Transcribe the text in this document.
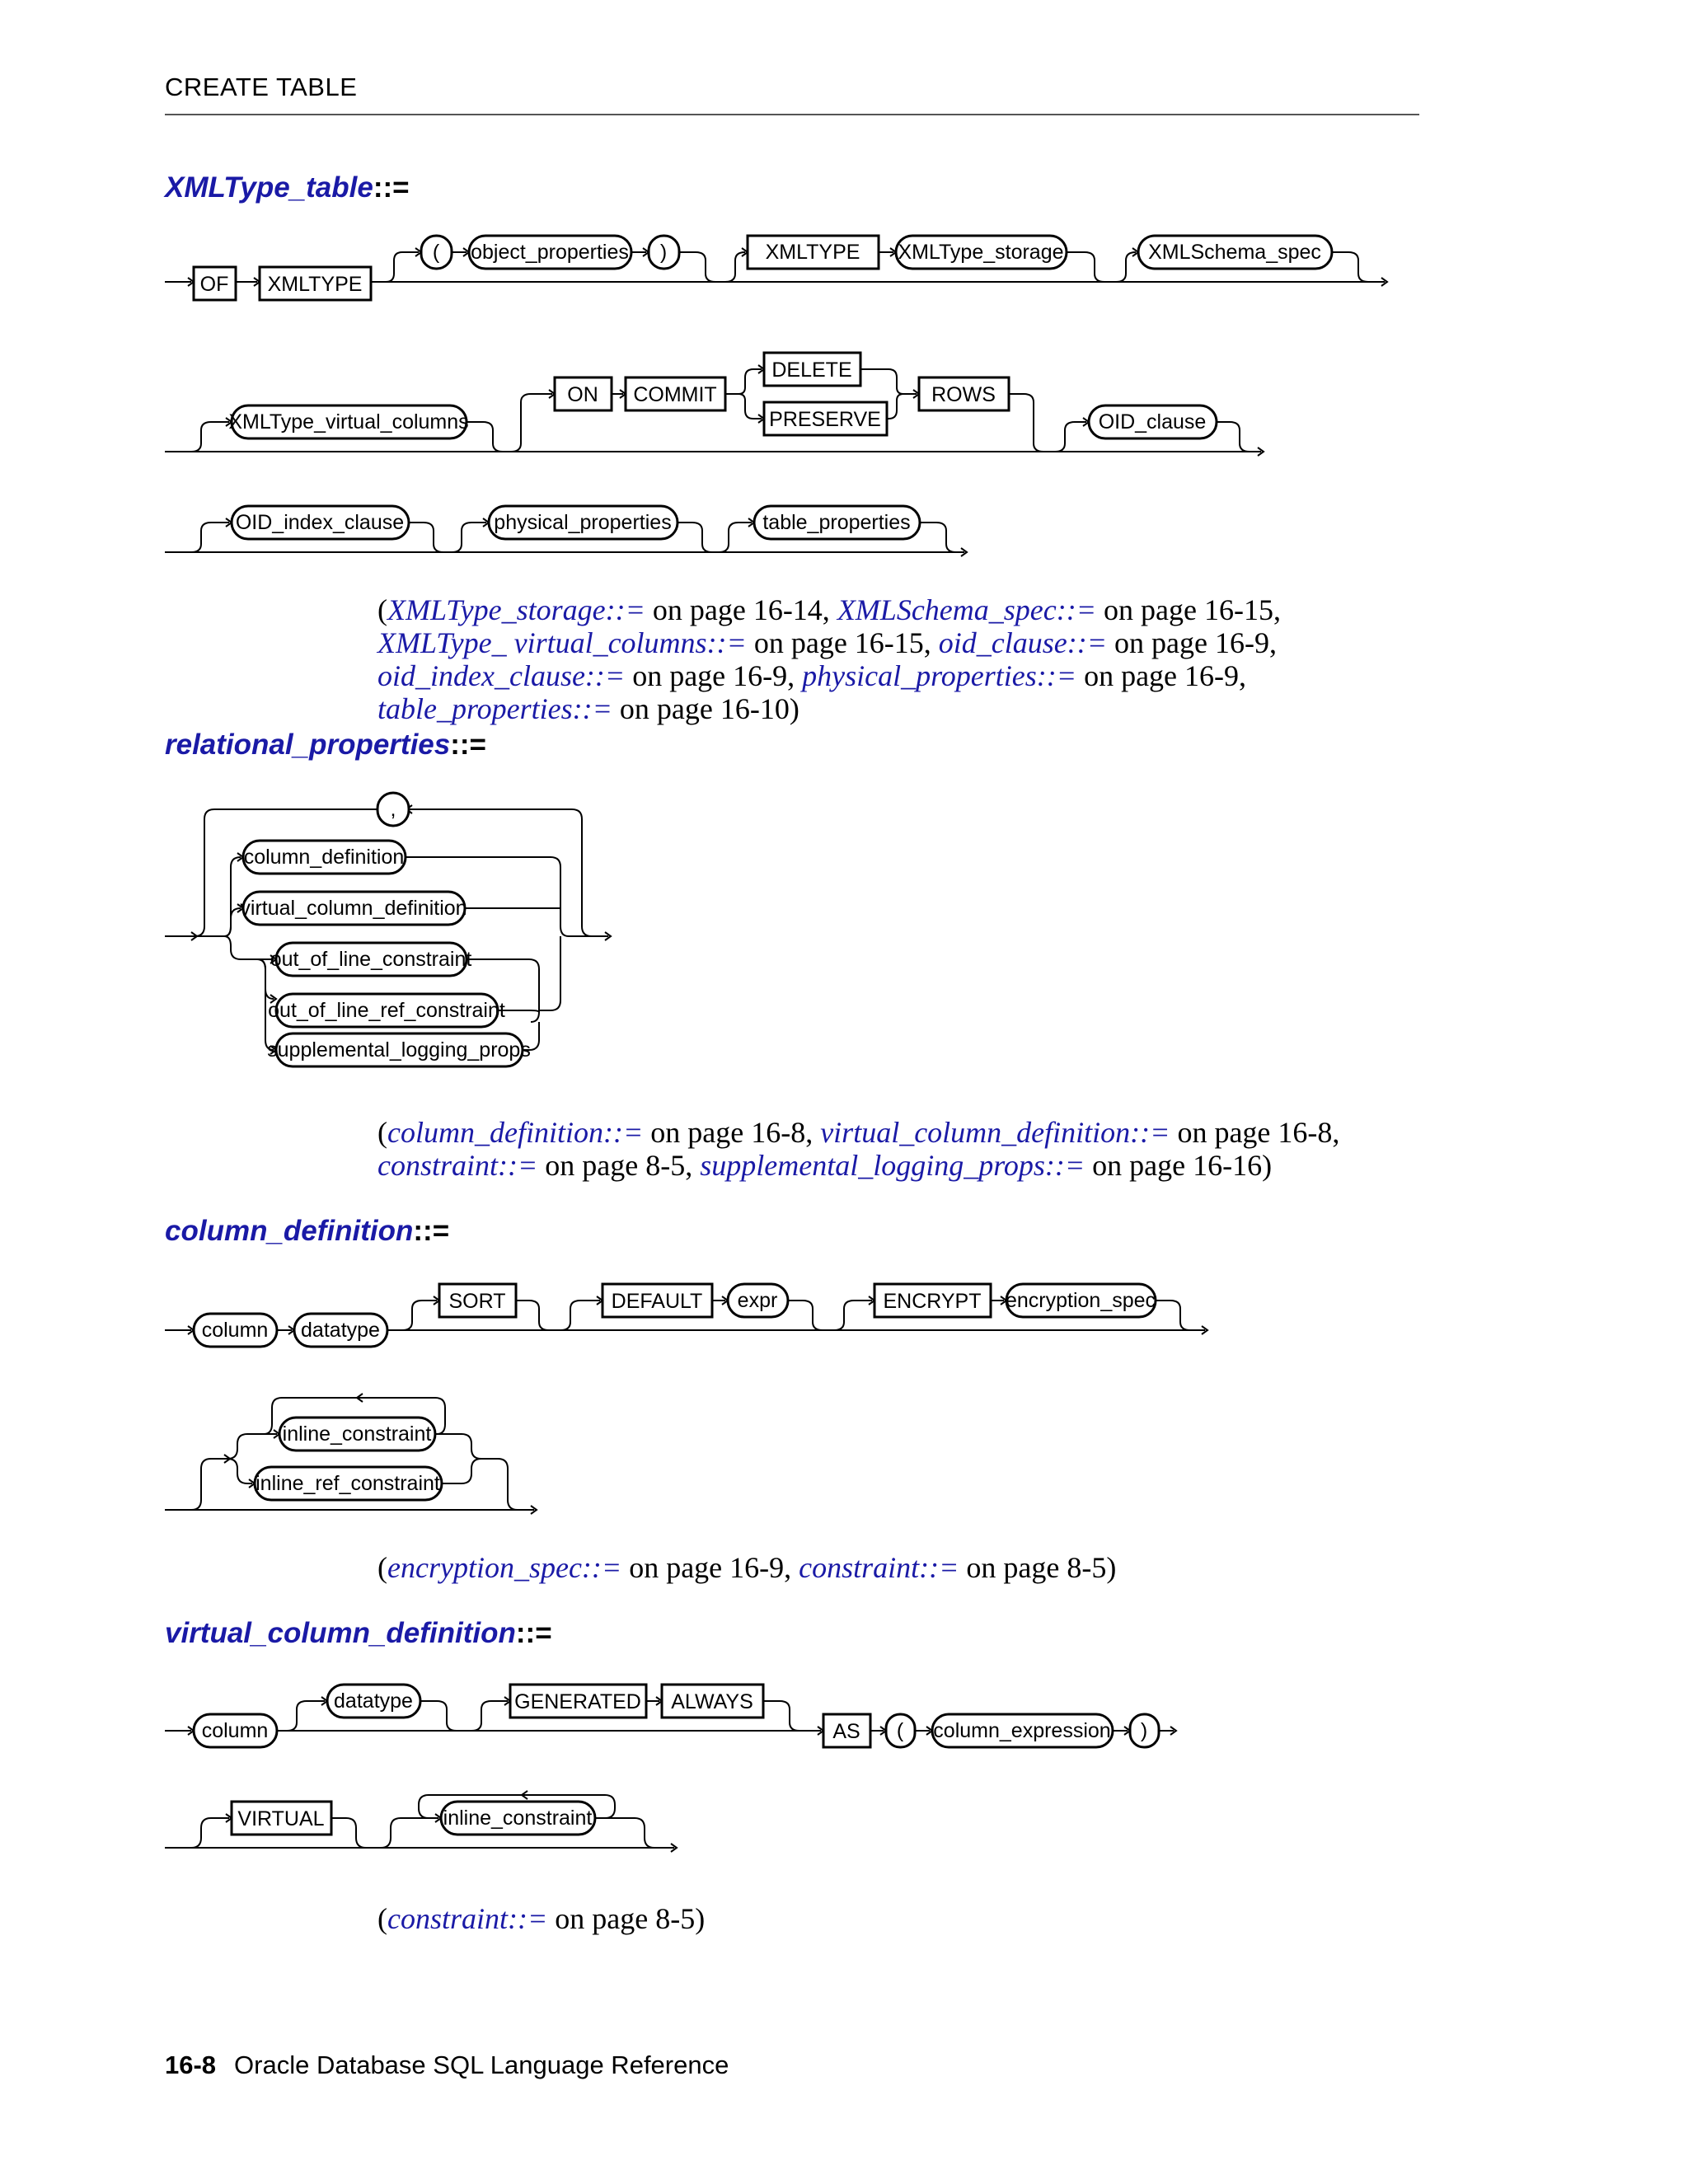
CREATE TABLE
XMLType_table::=
OF XMLTYPE
( object_properties )	XMLTYPE XMLType_storage	XMLSchema_spec
XMLType_virtual_columns
ON COMMIT
DELETE
PRESERVE
ROWS
OID_clause
OID_index_clause	physical_properties	table_properties
(XMLType_storage::= on page 16-14, XMLSchema_spec::= on page 16-15, XMLType_ virtual_columns::= on page 16-15, oid_clause::= on page 16-9, oid_index_clause::= on page 16-9, physical_properties::= on page 16-9, table_properties::= on page 16-10)
relational_properties::=
,
column_definition
virtual_column_definition
out_of_line_constraint
out_of_line_ref_constraint
supplemental_logging_props
(column_definition::= on page 16-8, virtual_column_definition::= on page 16-8, constraint::= on page 8-5, supplemental_logging_props::= on page 16-16)
column_definition::=
column datatype
SORT	DEFAULT expr	ENCRYPT encryption_spec
inline_constraint
inline_ref_constraint
(encryption_spec::= on page 16-9, constraint::= on page 8-5)
virtual_column_definition::=
column
datatype	GENERATED ALWAYS
AS ( column_expression )
VIRTUAL	inline_constraint
(constraint::= on page 8-5)
16-8 Oracle Database SQL Language Reference
